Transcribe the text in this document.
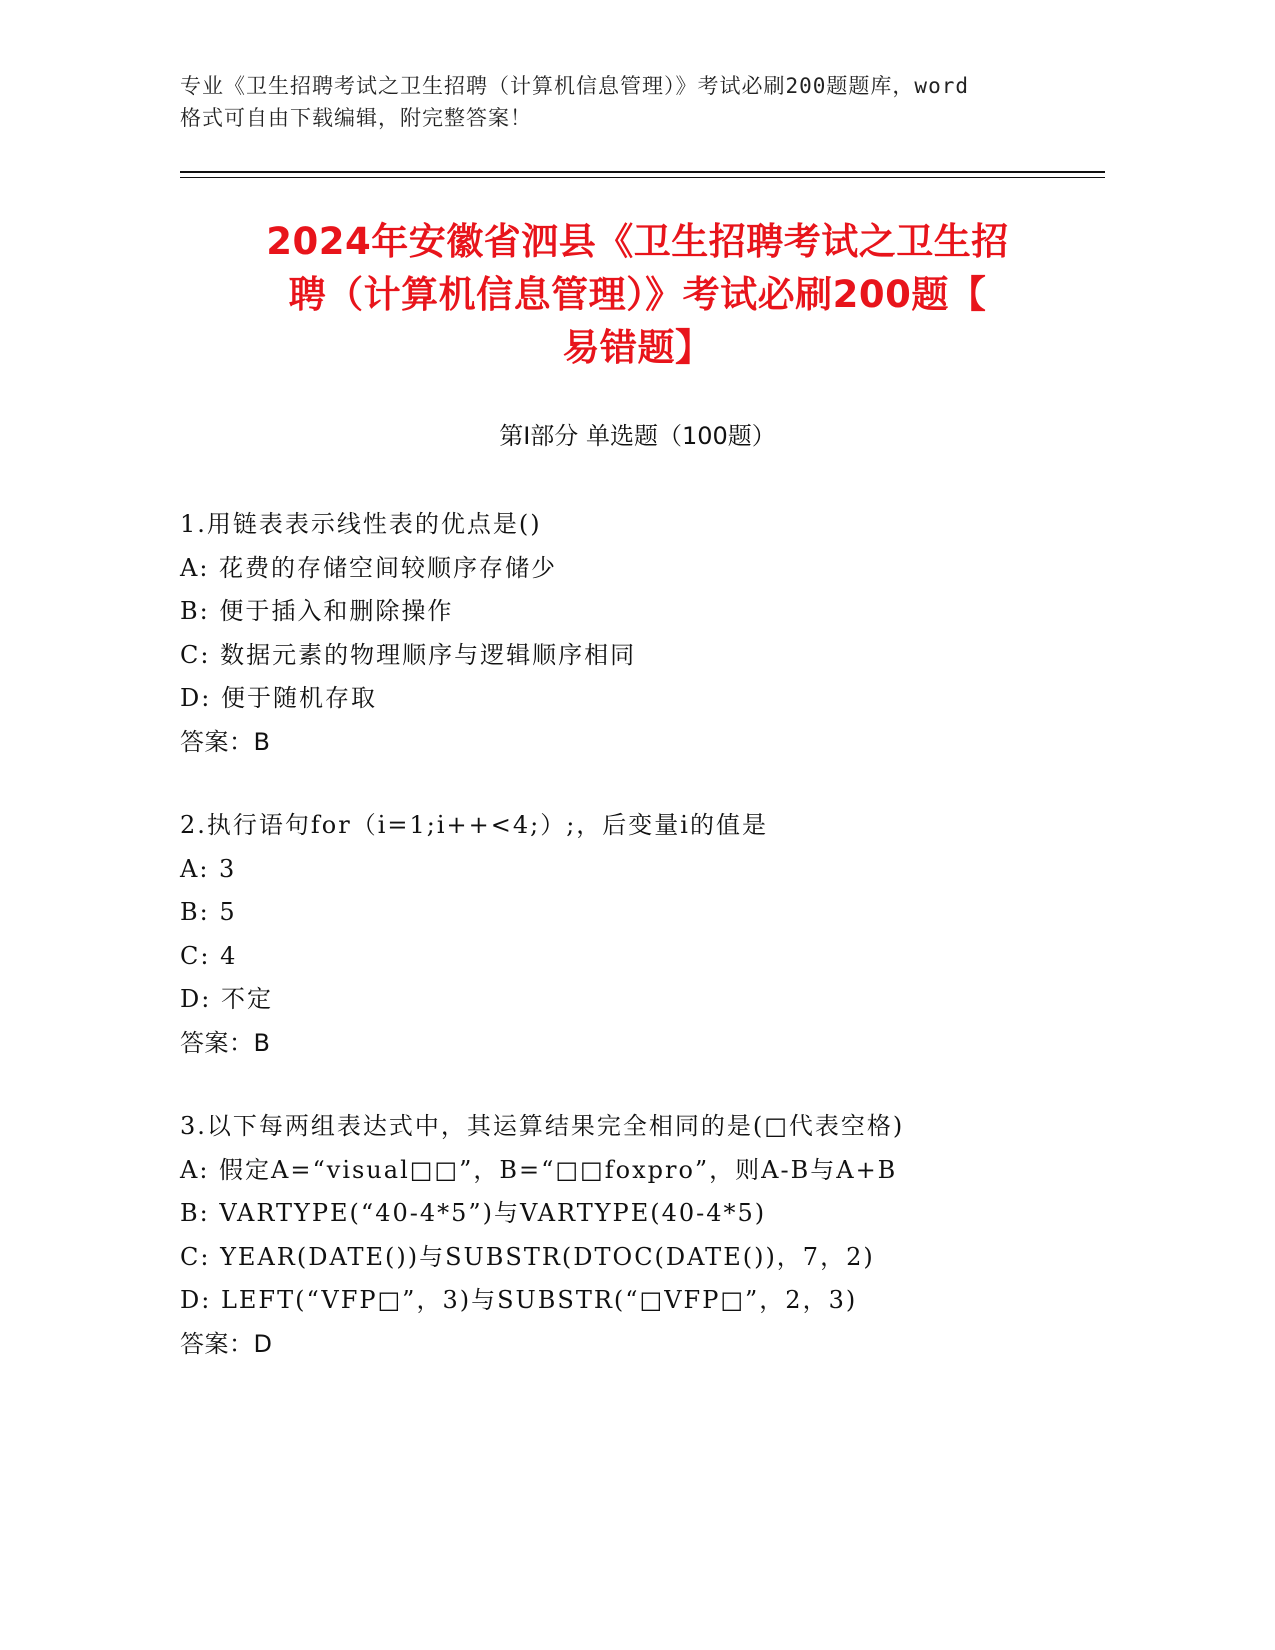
专业《卫生招聘考试之卫生招聘（计算机信息管理）》考试必刷200题题库，word
格式可自由下载编辑，附完整答案！
2024年安徽省泗县《卫生招聘考试之卫生招
聘（计算机信息管理）》考试必刷200题【
易错题】
第Ⅰ部分 单选题（100题）
1.用链表表示线性表的优点是()
A: 花费的存储空间较顺序存储少
B: 便于插入和删除操作
C: 数据元素的物理顺序与逻辑顺序相同
D: 便于随机存取
答案：B
2.执行语句for（i=1;i++<4;）;，后变量i的值是
A: 3
B: 5
C: 4
D: 不定
答案：B
3.以下每两组表达式中，其运算结果完全相同的是(□代表空格)
A: 假定A=“visual□□”，B=“□□foxpro”，则A-B与A+B
B: VARTYPE(“40-4*5”)与VARTYPE(40-4*5)
C: YEAR(DATE())与SUBSTR(DTOC(DATE())，7，2)
D: LEFT(“VFP□”，3)与SUBSTR(“□VFP□”，2，3)
答案：D
